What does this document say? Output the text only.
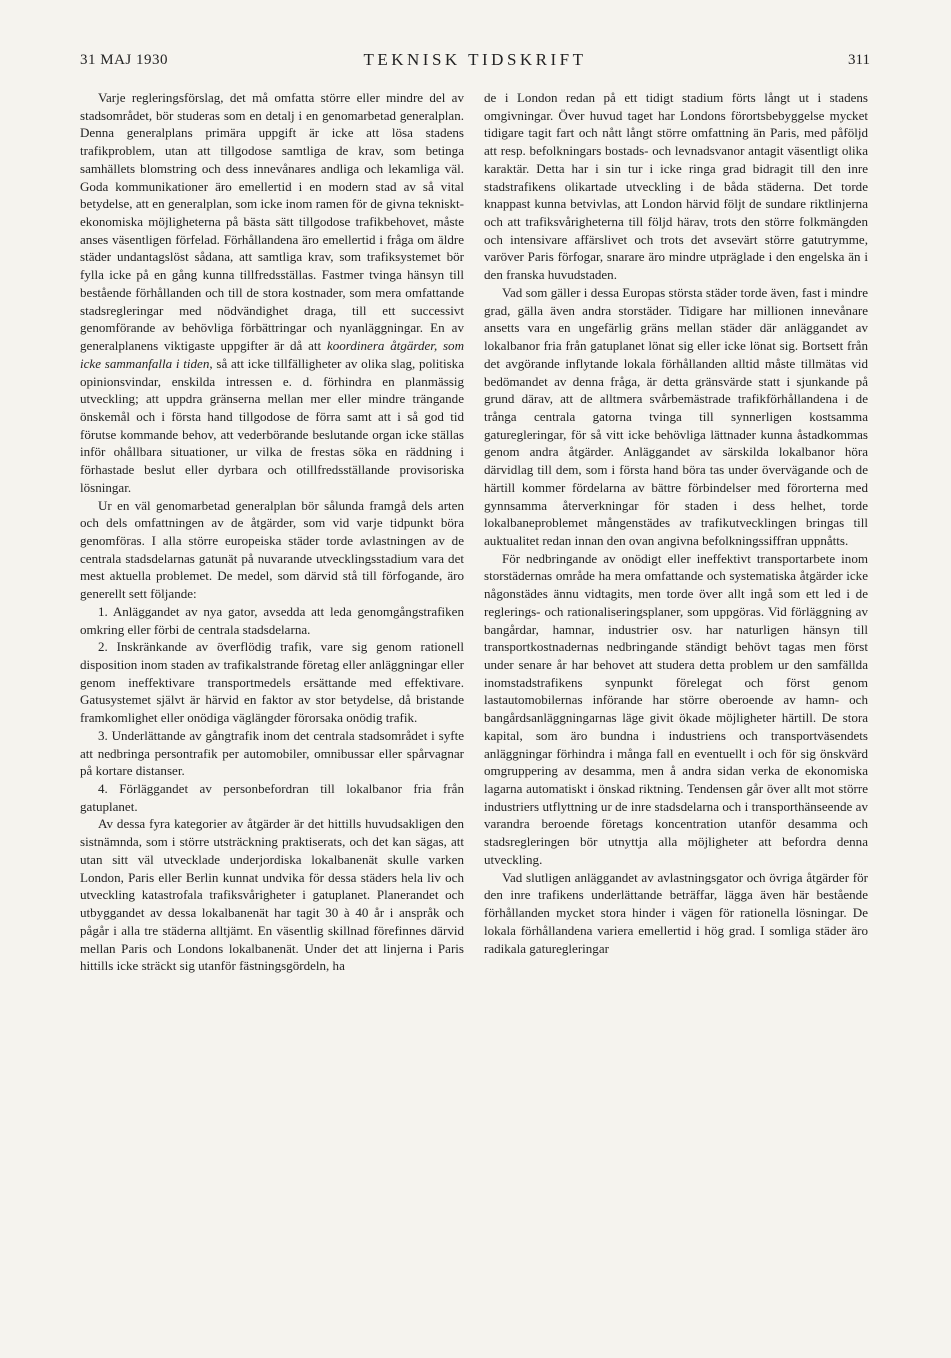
31 MAJ 1930	TEKNISK TIDSKRIFT	311

Varje regleringsförslag, det må omfatta större eller mindre del av stadsområdet, bör studeras som en detalj i en genomarbetad generalplan. Denna generalplans primära uppgift är icke att lösa stadens trafikproblem, utan att tillgodose samtliga de krav, som betinga samhällets blomstring och dess innevånares andliga och lekamliga väl. Goda kommunikationer äro emellertid i en modern stad av så vital betydelse, att en generalplan, som icke inom ramen för de givna tekniskt-ekonomiska möjligheterna på bästa sätt tillgodose trafikbehovet, måste anses väsentligen förfelad. Förhållandena äro emellertid i fråga om äldre städer undantagslöst sådana, att samtliga krav, som trafiksystemet bör fylla icke på en gång kunna tillfredsställas. Fastmer tvinga hänsyn till bestående förhållanden och till de stora kostnader, som mera omfattande stadsregleringar med nödvändighet draga, till ett successivt genomförande av behövliga förbättringar och nyanläggningar. En av generalplanens viktigaste uppgifter är då att koordinera åtgärder, som icke sammanfalla i tiden, så att icke tillfälligheter av olika slag, politiska opinionsvindar, enskilda intressen e. d. förhindra en planmässig utveckling; att uppdra gränserna mellan mer eller mindre trängande önskemål och i första hand tillgodose de förra samt att i så god tid förutse kommande behov, att vederbörande beslutande organ icke ställas inför ohållbara situationer, ur vilka de frestas söka en räddning i förhastade beslut eller dyrbara och otillfredsställande provisoriska lösningar.

Ur en väl genomarbetad generalplan bör sålunda framgå dels arten och dels omfattningen av de åtgärder, som vid varje tidpunkt böra genomföras. I alla större europeiska städer torde avlastningen av de centrala stadsdelarnas gatunät på nuvarande utvecklingsstadium vara det mest aktuella problemet. De medel, som därvid stå till förfogande, äro generellt sett följande:

1. Anläggandet av nya gator, avsedda att leda genomgångstrafiken omkring eller förbi de centrala stadsdelarna.

2. Inskränkande av överflödig trafik, vare sig genom rationell disposition inom staden av trafikalstrande företag eller anläggningar eller genom ineffektivare transportmedels ersättande med effektivare. Gatusystemet självt är härvid en faktor av stor betydelse, då bristande framkomlighet eller onödiga väglängder förorsaka onödig trafik.

3. Underlättande av gångtrafik inom det centrala stadsområdet i syfte att nedbringa persontrafik per automobiler, omnibussar eller spårvagnar på kortare distanser.

4. Förläggandet av personbefordran till lokalbanor fria från gatuplanet.

Av dessa fyra kategorier av åtgärder är det hittills huvudsakligen den sistnämnda, som i större utsträckning praktiserats, och det kan sägas, att utan sitt väl utvecklade underjordiska lokalbanenät skulle varken London, Paris eller Berlin kunnat undvika för dessa städers hela liv och utveckling katastrofala trafiksvårigheter i gatuplanet. Planerandet och utbyggandet av dessa lokalbanenät har tagit 30 à 40 år i anspråk och pågår i alla tre städerna alltjämt. En väsentlig skillnad förefinnes därvid mellan Paris och Londons lokalbanenät. Under det att linjerna i Paris hittills icke sträckt sig utanför fästningsgördeln, ha

de i London redan på ett tidigt stadium förts långt ut i stadens omgivningar. Över huvud taget har Londons förortsbebyggelse mycket tidigare tagit fart och nått långt större omfattning än Paris, med påföljd att resp. befolkningars bostads- och levnadsvanor antagit väsentligt olika karaktär. Detta har i sin tur i icke ringa grad bidragit till den inre stadstrafikens olikartade utveckling i de båda städerna. Det torde knappast kunna betvivlas, att London härvid följt de sundare riktlinjerna och att trafiksvårigheterna till följd härav, trots den större folkmängden och intensivare affärslivet och trots det avsevärt större gatutrymme, varöver Paris förfogar, snarare äro mindre utpräglade i den engelska än i den franska huvudstaden.

Vad som gäller i dessa Europas största städer torde även, fast i mindre grad, gälla även andra storstäder. Tidigare har millionen innevånare ansetts vara en ungefärlig gräns mellan städer där anläggandet av lokalbanor fria från gatuplanet lönat sig eller icke lönat sig. Bortsett från det avgörande inflytande lokala förhållanden alltid måste tillmätas vid bedömandet av denna fråga, är detta gränsvärde statt i sjunkande på grund därav, att de alltmera svårbemästrade trafikförhållandena i de trånga centrala gatorna tvinga till synnerligen kostsamma gaturegleringar, för så vitt icke behövliga lättnader kunna åstadkommas genom andra åtgärder. Anläggandet av särskilda lokalbanor höra därvidlag till dem, som i första hand böra tas under övervägande och de härtill kommer fördelarna av bättre förbindelser med förorterna med gynnsamma återverkningar för staden i dess helhet, torde lokalbaneproblemet mångenstädes av trafikutvecklingen bringas till auktualitet redan innan den ovan angivna befolkningssiffran uppnåtts.

För nedbringande av onödigt eller ineffektivt transportarbete inom storstädernas område ha mera omfattande och systematiska åtgärder icke någonstädes ännu vidtagits, men torde över allt ingå som ett led i de reglerings- och rationaliseringsplaner, som uppgöras. Vid förläggning av bangårdar, hamnar, industrier osv. har naturligen hänsyn till transportkostnadernas nedbringande ständigt behövt tagas men först under senare år har behovet att studera detta problem ur den samfällda inomstadstrafikens synpunkt förelegat och först genom lastautomobilernas införande har större oberoende av hamn- och bangårdsanläggningarnas läge givit ökade möjligheter härtill. De stora kapital, som äro bundna i industriens och transportväsendets anläggningar förhindra i många fall en eventuellt i och för sig önskvärd omgruppering av desamma, men å andra sidan verka de ekonomiska lagarna automatiskt i önskad riktning. Tendensen går över allt mot större industriers utflyttning ur de inre stadsdelarna och i transporthänseende av varandra beroende företags koncentration utanför desamma och stadsregleringen bör utnyttja alla möjligheter att befordra denna utveckling.

Vad slutligen anläggandet av avlastningsgator och övriga åtgärder för den inre trafikens underlättande beträffar, lägga även här bestående förhållanden mycket stora hinder i vägen för rationella lösningar. De lokala förhållandena variera emellertid i hög grad. I somliga städer äro radikala gaturegleringar
